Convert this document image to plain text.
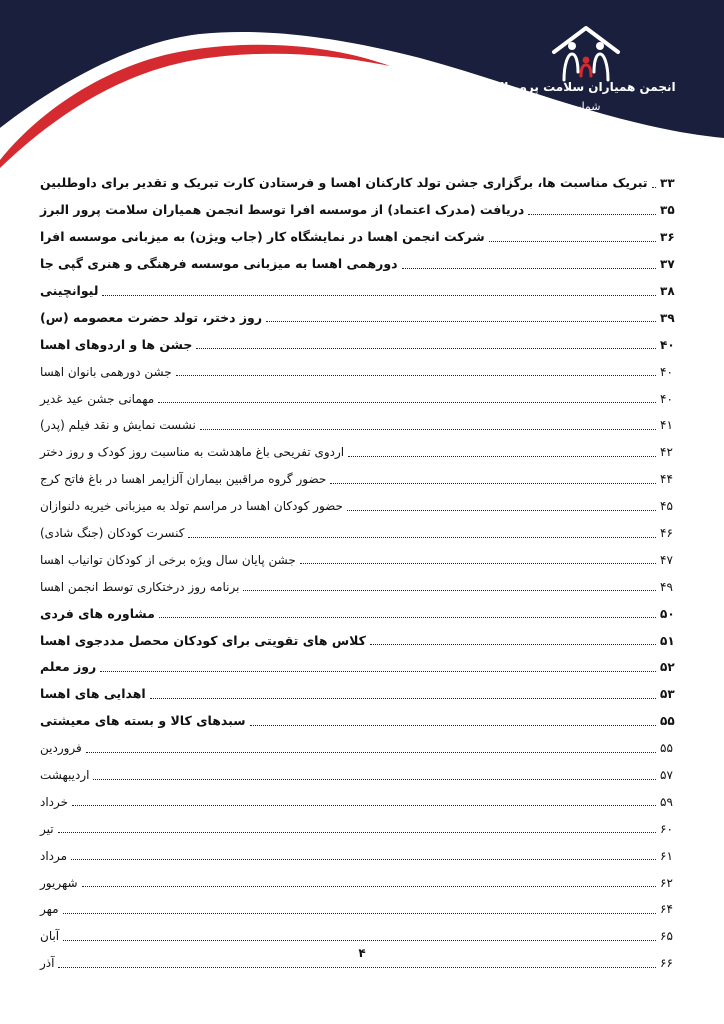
انجمن همیاران سلامت پرور البرز(اهسا)
شماره ثبت : ۲۴۲۳
تبریک مناسبت ها، برگزاری جشن تولد کارکنان اهسا و فرستادن کارت تبریک و تقدیر برای داوطلبین ۳۳
دریافت (مدرک اعتماد) از موسسه افرا توسط انجمن همیاران سلامت پرور البرز	۳۵
شرکت انجمن اهسا در نمایشگاه کار (جاب ویژن) به میزبانی موسسه افرا	۳۶
دورهمی اهسا به میزبانی موسسه فرهنگی و هنری گپی جا	۳۷
لیوانچینی	۳۸
روز دختر، تولد حضرت معصومه (س)	۳۹
جشن ها و اردوهای اهسا	۴۰
جشن دورهمی بانوان اهسا	۴۰
مهمانی جشن عید غدیر	۴۰
نشست نمایش و نقد فیلم (پدر)	۴۱
اردوی تفریحی باغ ماهدشت به مناسبت روز کودک و روز دختر	۴۲
حضور گروه مراقبین بیماران آلزایمر اهسا در باغ فاتح کرج	۴۴
حضور کودکان اهسا در مراسم تولد به میزبانی خیریه دلنوازان	۴۵
کنسرت کودکان (جنگ شادی)	۴۶
جشن پایان سال ویژه برخی از کودکان توانیاب اهسا	۴۷
برنامه روز درختکاری توسط انجمن اهسا	۴۹
مشاوره های فردی	۵۰
کلاس های تقویتی برای کودکان محصل مددجوی اهسا	۵۱
روز معلم	۵۲
اهدایی های اهسا	۵۳
سبدهای کالا و بسته های معیشتی	۵۵
فروردین	۵۵
اردیبهشت	۵۷
خرداد	۵۹
تیر	۶۰
مرداد	۶۱
شهریور	۶۲
مهر	۶۴
آبان	۶۵
آذر	۶۶
۴
